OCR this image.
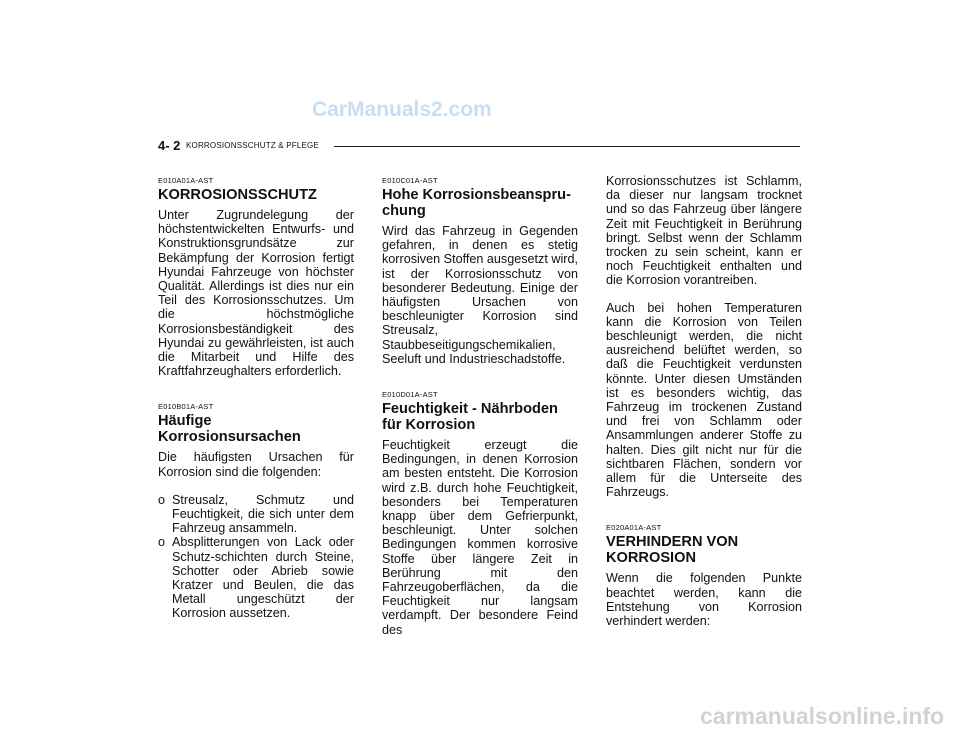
CarManuals2.com
4- 2 KORROSIONSSCHUTZ & PFLEGE
E010A01A-AST
KORROSIONSSCHUTZ

Unter Zugrundelegung der höchstentwickelten Entwurfs- und Konstruktionsgrundsätze zur Bekämpfung der Korrosion fertigt Hyundai Fahrzeuge von höchster Qualität. Allerdings ist dies nur ein Teil des Korrosionsschutzes. Um die höchstmögliche Korrosionsbeständigkeit des Hyundai zu gewährleisten, ist auch die Mitarbeit und Hilfe des Kraftfahrzeughalters erforderlich.

E010B01A-AST
Häufige Korrosionsursachen

Die häufigsten Ursachen für Korrosion sind die folgenden:

o Streusalz, Schmutz und Feuchtigkeit, die sich unter dem Fahrzeug ansammeln.
o Absplitterungen von Lack oder Schutz-schichten durch Steine, Schotter oder Abrieb sowie Kratzer und Beulen, die das Metall ungeschützt der Korrosion aussetzen.
E010C01A-AST
Hohe Korrosionsbeanspru-chung

Wird das Fahrzeug in Gegenden gefahren, in denen es stetig korrosiven Stoffen ausgesetzt wird, ist der Korrosionsschutz von besonderer Bedeutung. Einige der häufigsten Ursachen von beschleunigter Korrosion sind Streusalz, Staubbeseitigungschemikalien, Seeluft und Industrieschadstoffe.

E010D01A-AST
Feuchtigkeit - Nährboden für Korrosion

Feuchtigkeit erzeugt die Bedingungen, in denen Korrosion am besten entsteht. Die Korrosion wird z.B. durch hohe Feuchtigkeit, besonders bei Temperaturen knapp über dem Gefrierpunkt, beschleunigt. Unter solchen Bedingungen kommen korrosive Stoffe über längere Zeit in Berührung mit den Fahrzeugoberflächen, da die Feuchtigkeit nur langsam verdampft. Der besondere Feind des

Korrosionsschutzes ist Schlamm, da dieser nur langsam trocknet und so das Fahrzeug über längere Zeit mit Feuchtigkeit in Berührung bringt. Selbst wenn der Schlamm trocken zu sein scheint, kann er noch Feuchtigkeit enthalten und die Korrosion vorantreiben.

Auch bei hohen Temperaturen kann die Korrosion von Teilen beschleunigt werden, die nicht ausreichend belüftet werden, so daß die Feuchtigkeit verdunsten könnte. Unter diesen Umständen ist es besonders wichtig, das Fahrzeug im trockenen Zustand und frei von Schlamm oder Ansammlungen anderer Stoffe zu halten. Dies gilt nicht nur für die sichtbaren Flächen, sondern vor allem für die Unterseite des Fahrzeugs.

E020A01A-AST
VERHINDERN VON KORROSION

Wenn die folgenden Punkte beachtet werden, kann die Entstehung von Korrosion verhindert werden:

carmanualsonline.info
